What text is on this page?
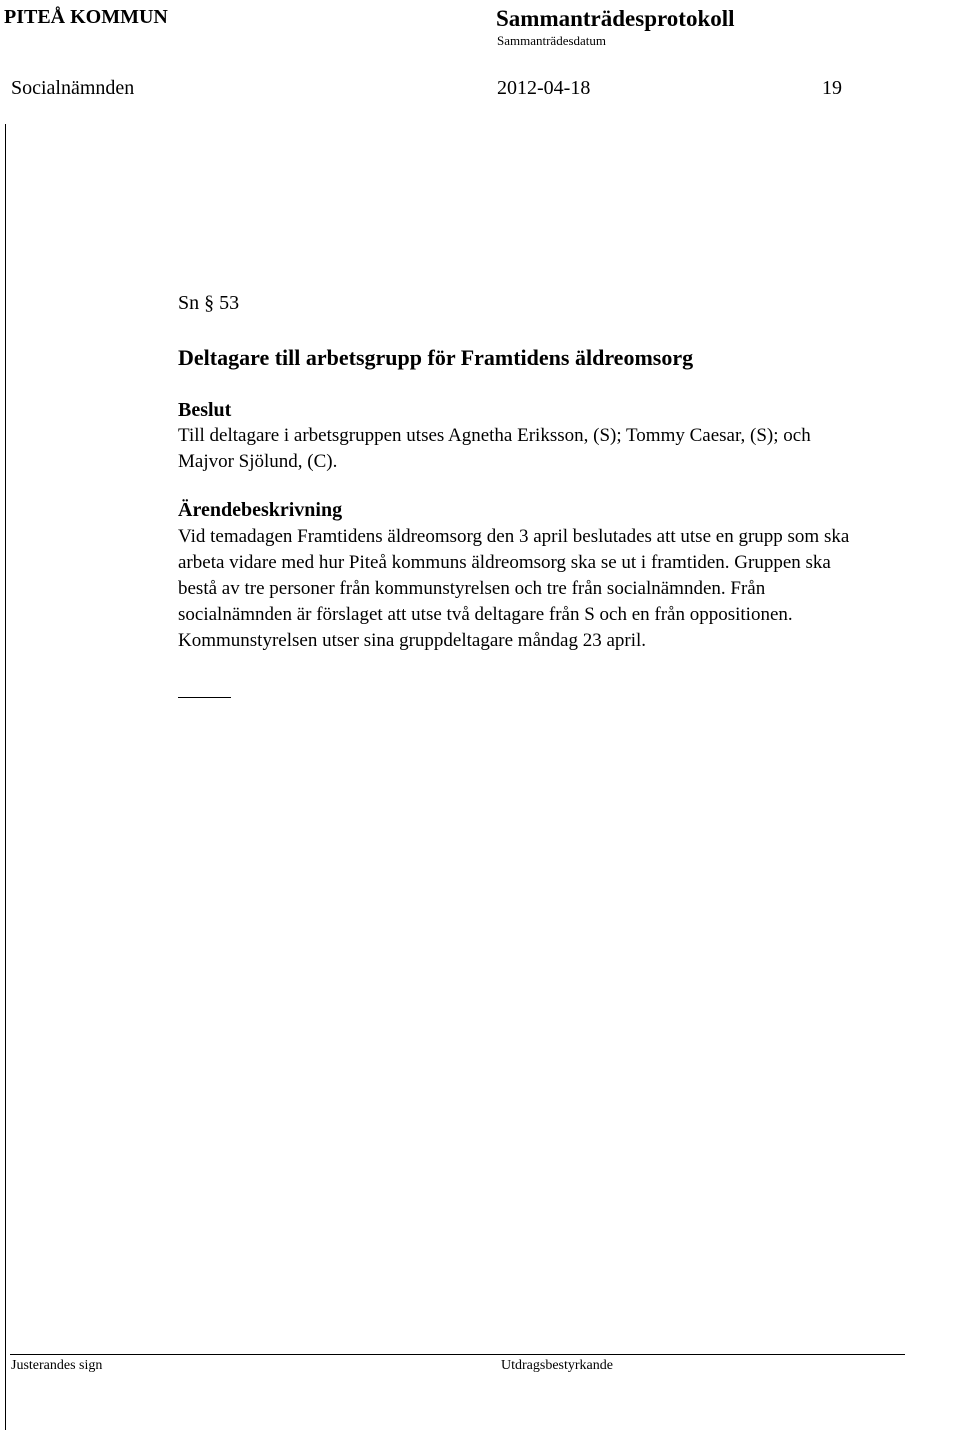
PITEÅ KOMMUN	Sammanträdesprotokoll
Sammanträdesdatum
Socialnämnden	2012-04-18	19
Sn § 53
Deltagare till arbetsgrupp för Framtidens äldreomsorg
Beslut
Till deltagare i arbetsgruppen utses Agnetha Eriksson, (S); Tommy Caesar, (S); och
Majvor Sjölund, (C).
Ärendebeskrivning
Vid temadagen Framtidens äldreomsorg den 3 april beslutades att utse en grupp som ska
arbeta vidare med hur Piteå kommuns äldreomsorg ska se ut i framtiden. Gruppen ska
bestå av tre personer från kommunstyrelsen och tre från socialnämnden. Från
socialnämnden är förslaget att utse två deltagare från S och en från oppositionen.
Kommunstyrelsen utser sina gruppdeltagare måndag 23 april.
Justerandes sign	Utdragsbestyrkande
